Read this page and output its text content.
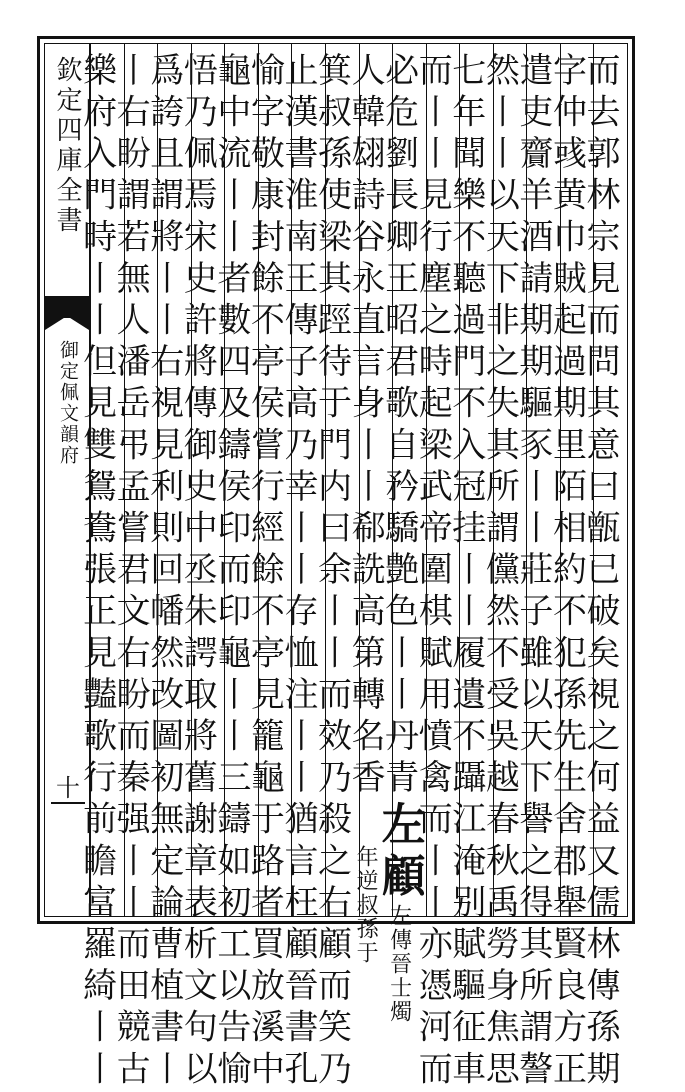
欽定四庫全書
御定佩文韻府
十	而去郭林宗見而問其意曰甑已破矣視之何益又儒林傳孫期
字仲彧黄巾賊起過期里陌相約不犯孫先生舍郡舉賢良方正
遣吏齎羊酒請期期驅豕丨丨莊子雖以天下譽之得其所謂謷
然丨丨以天下非之失其所謂儻然不受吳越春秋禹勞身焦思
七年聞樂不聽過門不入冠挂丨丨履遺不躡江淹别賦驅征車
而丨丨見行塵之時起梁武帝圍棋賦用憤禽而丨丨亦憑河而
必危劉長卿王昭君歌自矜驕艶色丨丨丹青左顧左傳晉士燭
人韓翃詩谷永直言身丨丨郗詵高第轉名香年逆叔孫于
箕叔孫使梁其踁待于門内曰余丨丨而效乃殺之右顧而笑乃
止漢書淮南王傳子高乃幸丨丨存恤注丨丨猶言枉顧晉書孔
愉字敬康封餘不亭侯嘗行經餘不亭見籠龜于路者買放溪中
龜中流丨丨者數四及鑄侯印而印龜丨丨三鑄如初工以告愉
悟乃佩焉宋史許將傳御史中丞朱諤取將舊謝章表析文句以
爲誇且謂將丨丨右視見利則回幡然改圖初無定論曹植書丨
丨右盼謂若無人潘岳弔孟嘗君文右盼而秦强丨丨而田競古
樂府入門時丨丨但見雙鴛鴦張正見豔歌行前瞻富羅綺丨丨
